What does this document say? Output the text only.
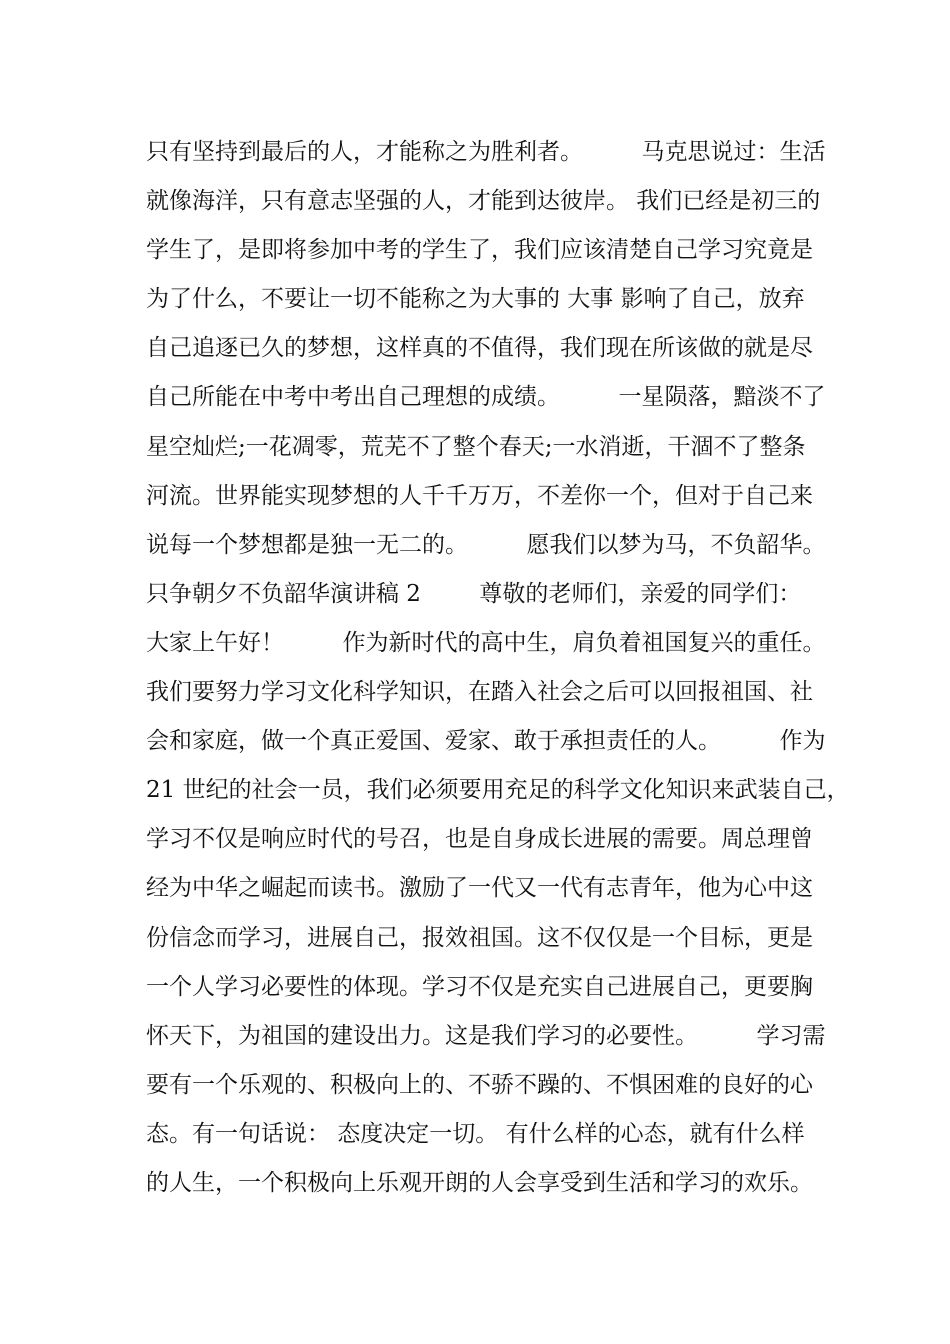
只有坚持到最后的人，才能称之为胜利者。        马克思说过：生活
就像海洋，只有意志坚强的人，才能到达彼岸。 我们已经是初三的
学生了，是即将参加中考的学生了，我们应该清楚自己学习究竟是
为了什么，不要让一切不能称之为大事的 大事 影响了自己，放弃
自己追逐已久的梦想，这样真的不值得，我们现在所该做的就是尽
自己所能在中考中考出自己理想的成绩。        一星陨落，黯淡不了
星空灿烂;一花凋零，荒芜不了整个春天;一水消逝，干涸不了整条
河流。世界能实现梦想的人千千万万，不差你一个，但对于自己来
说每一个梦想都是独一无二的。        愿我们以梦为马，不负韶华。
只争朝夕不负韶华演讲稿 2        尊敬的老师们，亲爱的同学们：
大家上午好！        作为新时代的高中生，肩负着祖国复兴的重任。
我们要努力学习文化科学知识，在踏入社会之后可以回报祖国、社
会和家庭，做一个真正爱国、爱家、敢于承担责任的人。        作为
21 世纪的社会一员，我们必须要用充足的科学文化知识来武装自己，
学习不仅是响应时代的号召，也是自身成长进展的需要。周总理曾
经为中华之崛起而读书。激励了一代又一代有志青年，他为心中这
份信念而学习，进展自己，报效祖国。这不仅仅是一个目标，更是
一个人学习必要性的体现。学习不仅是充实自己进展自己，更要胸
怀天下，为祖国的建设出力。这是我们学习的必要性。        学习需
要有一个乐观的、积极向上的、不骄不躁的、不惧困难的良好的心
态。有一句话说： 态度决定一切。 有什么样的心态，就有什么样
的人生，一个积极向上乐观开朗的人会享受到生活和学习的欢乐。
